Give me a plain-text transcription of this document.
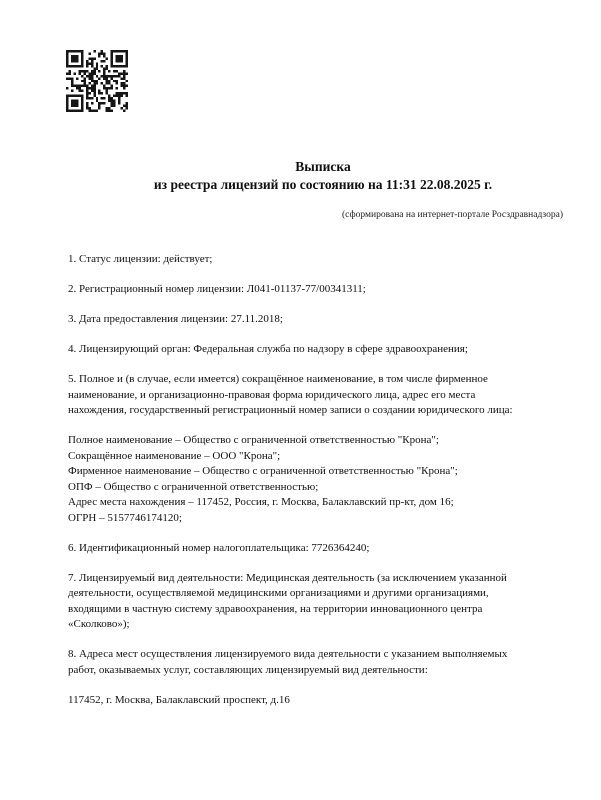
Выписка
из реестра лицензий по состоянию на 11:31 22.08.2025 г.
(сформирована на интернет-портале Росздравнадзора)
1. Статус лицензии: действует;
2. Регистрационный номер лицензии: Л041-01137-77/00341311;
3. Дата предоставления лицензии: 27.11.2018;
4. Лицензирующий орган: Федеральная служба по надзору в сфере здравоохранения;
5. Полное и (в случае, если имеется) сокращённое наименование, в том числе фирменное
наименование, и организационно-правовая форма юридического лица, адрес его места
нахождения, государственный регистрационный номер записи о создании юридического лица:
Полное наименование – Общество с ограниченной ответственностью "Крона";
Сокращённое наименование – ООО "Крона";
Фирменное наименование – Общество с ограниченной ответственностью "Крона";
ОПФ – Общество с ограниченной ответственностью;
Адрес места нахождения – 117452, Россия, г. Москва, Балаклавский пр-кт, дом 16;
ОГРН – 5157746174120;
6. Идентификационный номер налогоплательщика: 7726364240;
7. Лицензируемый вид деятельности: Медицинская деятельность (за исключением указанной
деятельности, осуществляемой медицинскими организациями и другими организациями,
входящими в частную систему здравоохранения, на территории инновационного центра
«Сколково»);
8. Адреса мест осуществления лицензируемого вида деятельности с указанием выполняемых
работ, оказываемых услуг, составляющих лицензируемый вид деятельности:
117452, г. Москва, Балаклавский проспект, д.16
